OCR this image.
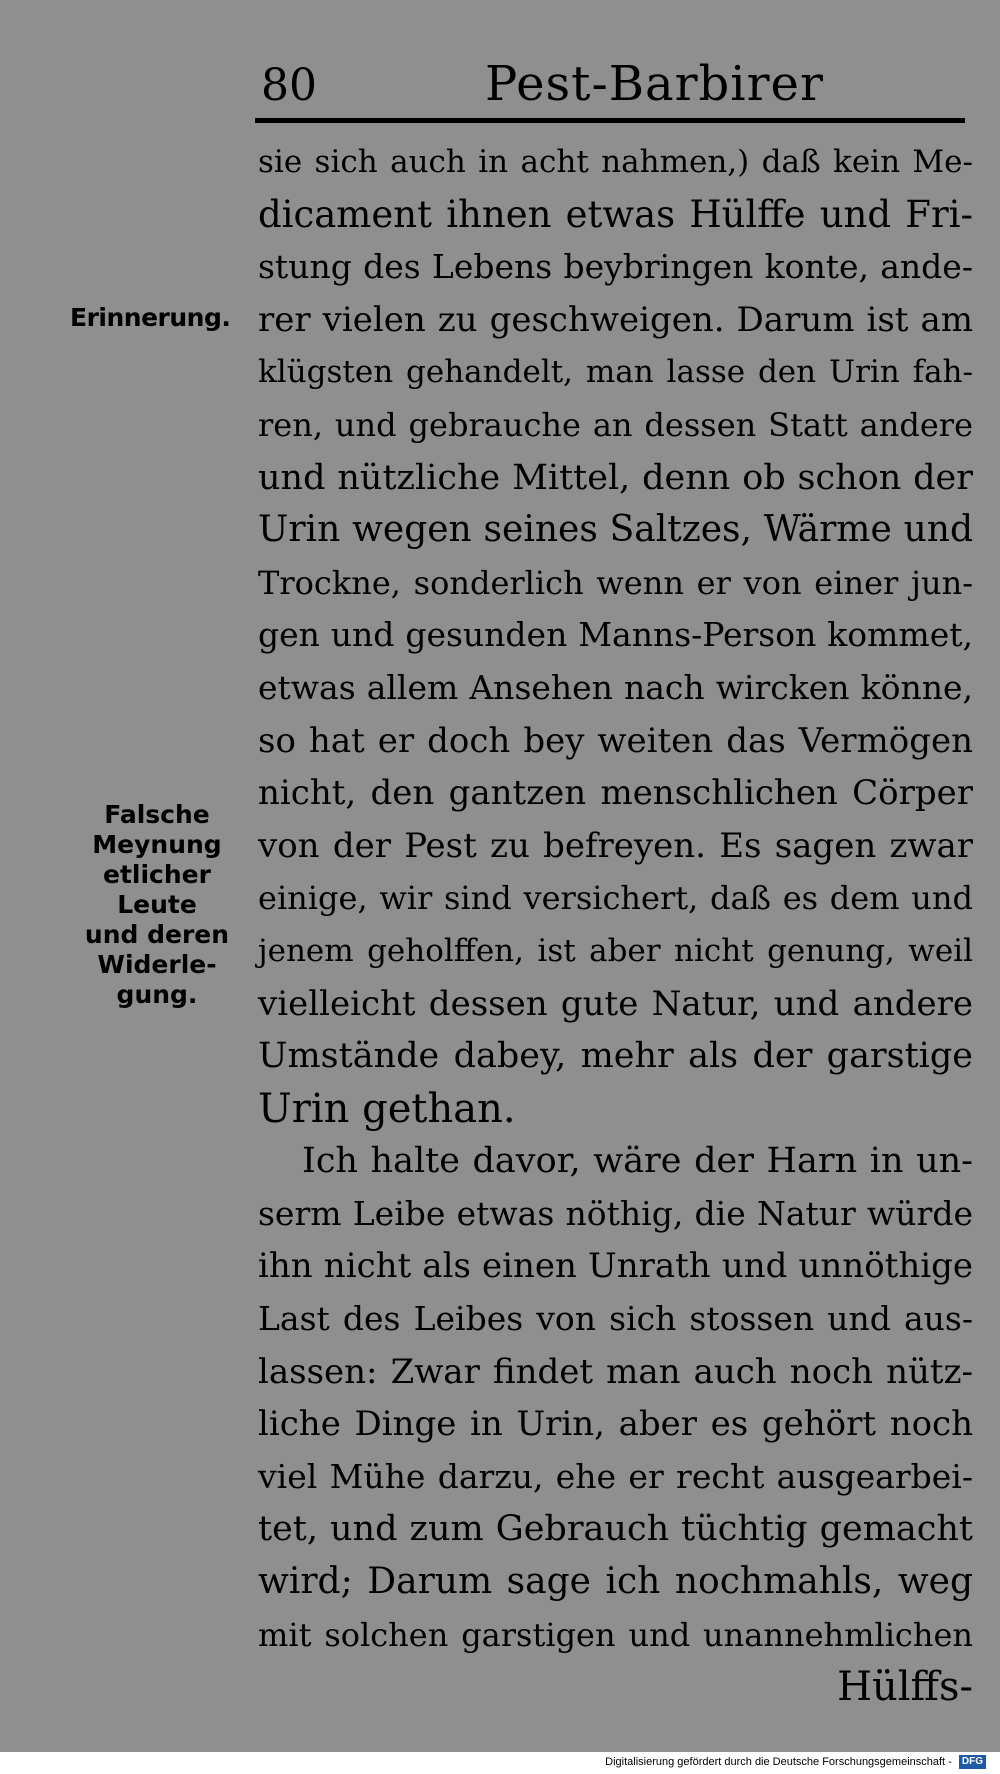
80	Pest-Barbirer
Erinnerung.
Falsche
Meynung
etlicher Leute
und deren
Widerle-
gung.
sie sich auch in acht nahmen,) daß kein Me-
dicament ihnen etwas Hülffe und Fri-
stung des Lebens beybringen konte, ande-
rer vielen zu geschweigen. Darum ist am
klügsten gehandelt, man lasse den Urin fah-
ren, und gebrauche an dessen Statt andere
und nützliche Mittel, denn ob schon der
Urin wegen seines Saltzes, Wärme und
Trockne, sonderlich wenn er von einer jun-
gen und gesunden Manns-Person kommet,
etwas allem Ansehen nach wircken könne,
so hat er doch bey weiten das Vermögen
nicht, den gantzen menschlichen Cörper
von der Pest zu befreyen. Es sagen zwar
einige, wir sind versichert, daß es dem und
jenem geholffen, ist aber nicht genung, weil
vielleicht dessen gute Natur, und andere
Umstände dabey, mehr als der garstige
Urin gethan.
Ich halte davor, wäre der Harn in un-
serm Leibe etwas nöthig, die Natur würde
ihn nicht als einen Unrath und unnöthige
Last des Leibes von sich stossen und aus-
lassen: Zwar findet man auch noch nütz-
liche Dinge in Urin, aber es gehört noch
viel Mühe darzu, ehe er recht ausgearbei-
tet, und zum Gebrauch tüchtig gemacht
wird; Darum sage ich nochmahls, weg
mit solchen garstigen und unannehmlichen
Hülffs-
Digitalisierung gefördert durch die Deutsche Forschungsgemeinschaft - DFG
